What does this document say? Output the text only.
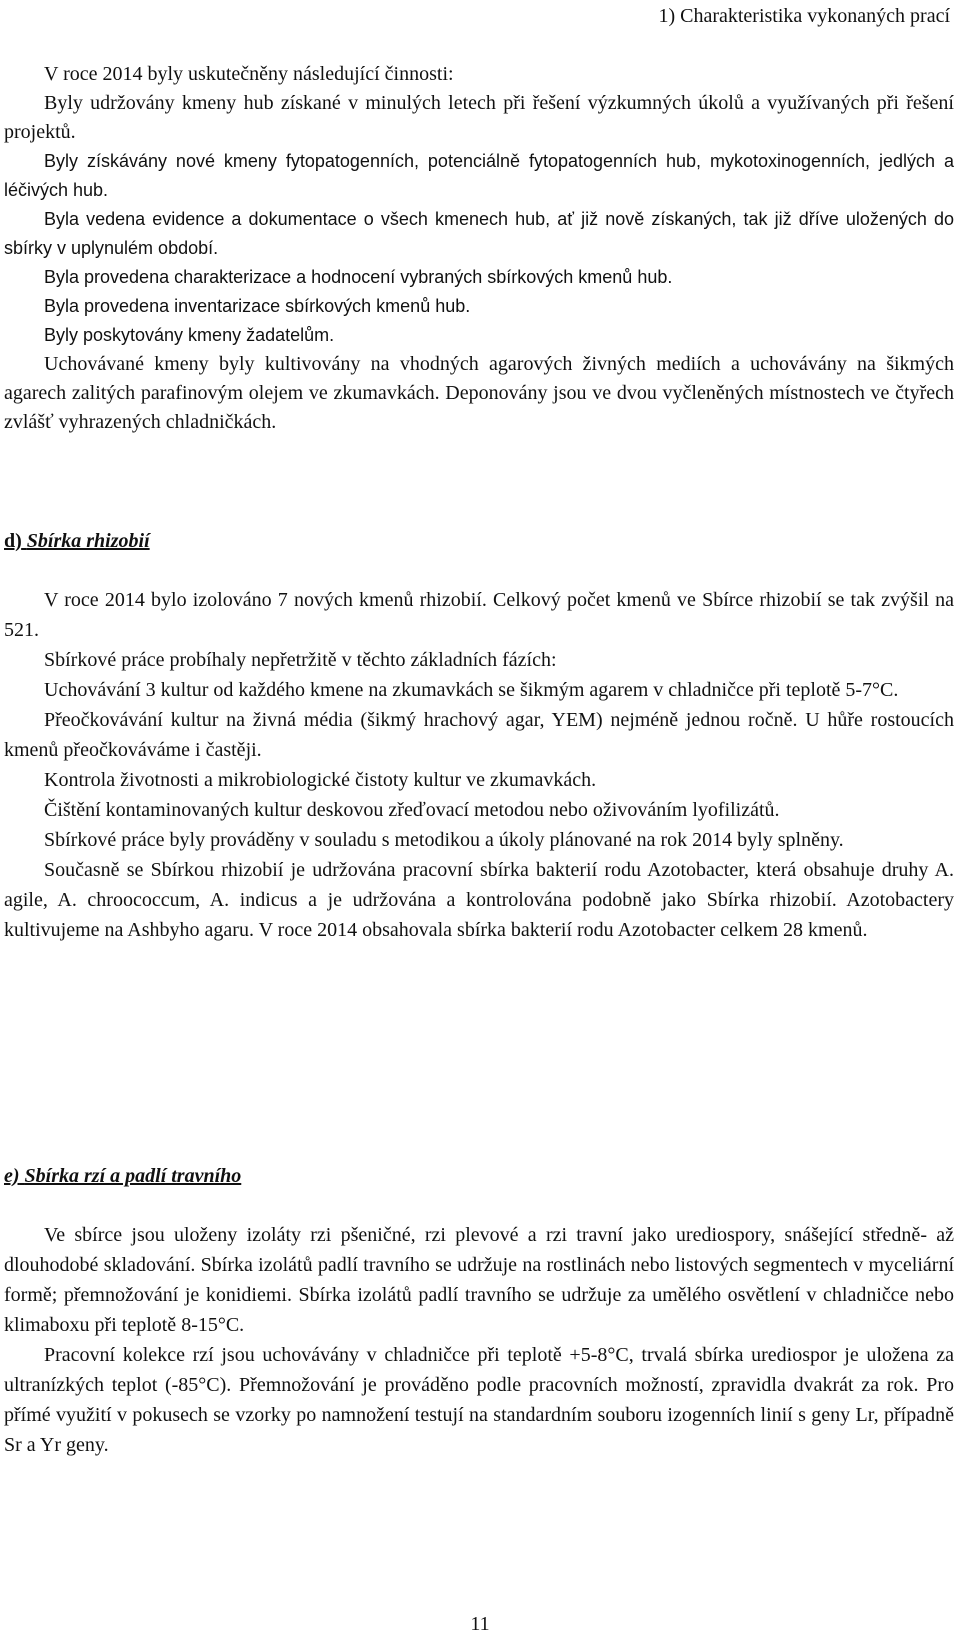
1) Charakteristika vykonaných prací

V roce 2014 byly uskutečněny následující činnosti:

Byly udržovány kmeny hub získané v minulých letech při řešení výzkumných úkolů a využívaných při řešení projektů.

Byly získávány nové kmeny fytopatogenních, potenciálně fytopatogenních hub, mykotoxinogenních, jedlých a léčivých hub.

Byla vedena evidence a dokumentace o všech kmenech hub, ať již nově získaných, tak již dříve uložených do sbírky v uplynulém období.

Byla provedena charakterizace a hodnocení vybraných sbírkových kmenů hub.

Byla provedena inventarizace sbírkových kmenů hub.

Byly poskytovány kmeny žadatelům.

Uchovávané kmeny byly kultivovány na vhodných agarových živných mediích a uchovávány na šikmých agarech zalitých parafinovým olejem ve zkumavkách. Deponovány jsou ve dvou vyčleněných místnostech ve čtyřech zvlášť vyhrazených chladničkách.

d) Sbírka rhizobií

V roce 2014 bylo izolováno 7 nových kmenů rhizobií. Celkový počet kmenů ve Sbírce rhizobií se tak zvýšil na 521.

Sbírkové práce probíhaly nepřetržitě v těchto základních fázích:

Uchovávání 3 kultur od každého kmene na zkumavkách se šikmým agarem v chladničce při teplotě 5-7°C.

Přeočkovávání kultur na živná média (šikmý hrachový agar, YEM) nejméně jednou ročně. U hůře rostoucích kmenů přeočkováváme i častěji.

Kontrola životnosti a mikrobiologické čistoty kultur ve zkumavkách.

Čištění kontaminovaných kultur deskovou zřeďovací metodou nebo oživováním lyofilizátů.

Sbírkové práce byly prováděny v souladu s metodikou a úkoly plánované na rok 2014 byly splněny.

Současně se Sbírkou rhizobií je udržována pracovní sbírka bakterií rodu Azotobacter, která obsahuje druhy A. agile, A. chroococcum, A. indicus a je udržována a kontrolována podobně jako Sbírka rhizobií. Azotobactery kultivujeme na Ashbyho agaru. V roce 2014 obsahovala sbírka bakterií rodu Azotobacter celkem 28 kmenů.

e) Sbírka rzí a padlí travního

Ve sbírce jsou uloženy izoláty rzi pšeničné, rzi plevové a rzi travní jako urediospory, snášející středně- až dlouhodobé skladování. Sbírka izolátů padlí travního se udržuje na rostlinách nebo listových segmentech v myceliární formě; přemnožování je konidiemi. Sbírka izolátů padlí travního se udržuje za umělého osvětlení v chladničce nebo klimaboxu při teplotě 8-15°C.

Pracovní kolekce rzí jsou uchovávány v chladničce při teplotě +5-8°C, trvalá sbírka urediospor je uložena za ultranízkých teplot (-85°C). Přemnožování je prováděno podle pracovních možností, zpravidla dvakrát za rok. Pro přímé využití v pokusech se vzorky po namnožení testují na standardním souboru izogenních linií s geny Lr, případně Sr a Yr geny.

11
